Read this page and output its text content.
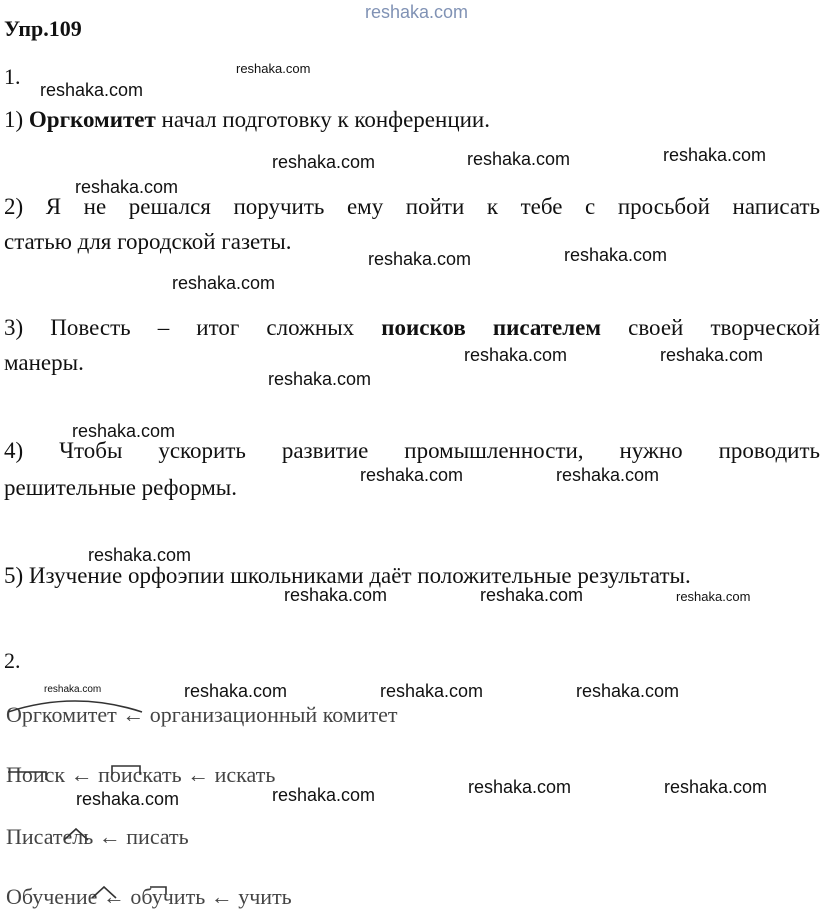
reshaka.com
Упр.109
1.
1) Оргкомитет начал подготовку к конференции.
2) Я не решался поручить ему пойти к тебе с просьбой написать
статью для городской газеты.
3) Повесть – итог сложных поисков писателем своей творческой
манеры.
4) Чтобы ускорить развитие промышленности, нужно проводить
решительные реформы.
5) Изучение орфоэпии школьниками даёт положительные результаты.
2.
Оргкомитет ← организационный комитет
Поиск ← поискать ← искать
Писатель ← писать
Обучение ← обучить ← учить
reshaka.com
reshaka.com
reshaka.com	reshaka.com	reshaka.com
reshaka.com
reshaka.com	reshaka.com
reshaka.com
reshaka.com	reshaka.com
reshaka.com
reshaka.com
reshaka.com	reshaka.com
reshaka.com
reshaka.com	reshaka.com	reshaka.com
reshaka.com	reshaka.com	reshaka.com	reshaka.com
reshaka.com	reshaka.com	reshaka.com	reshaka.com
